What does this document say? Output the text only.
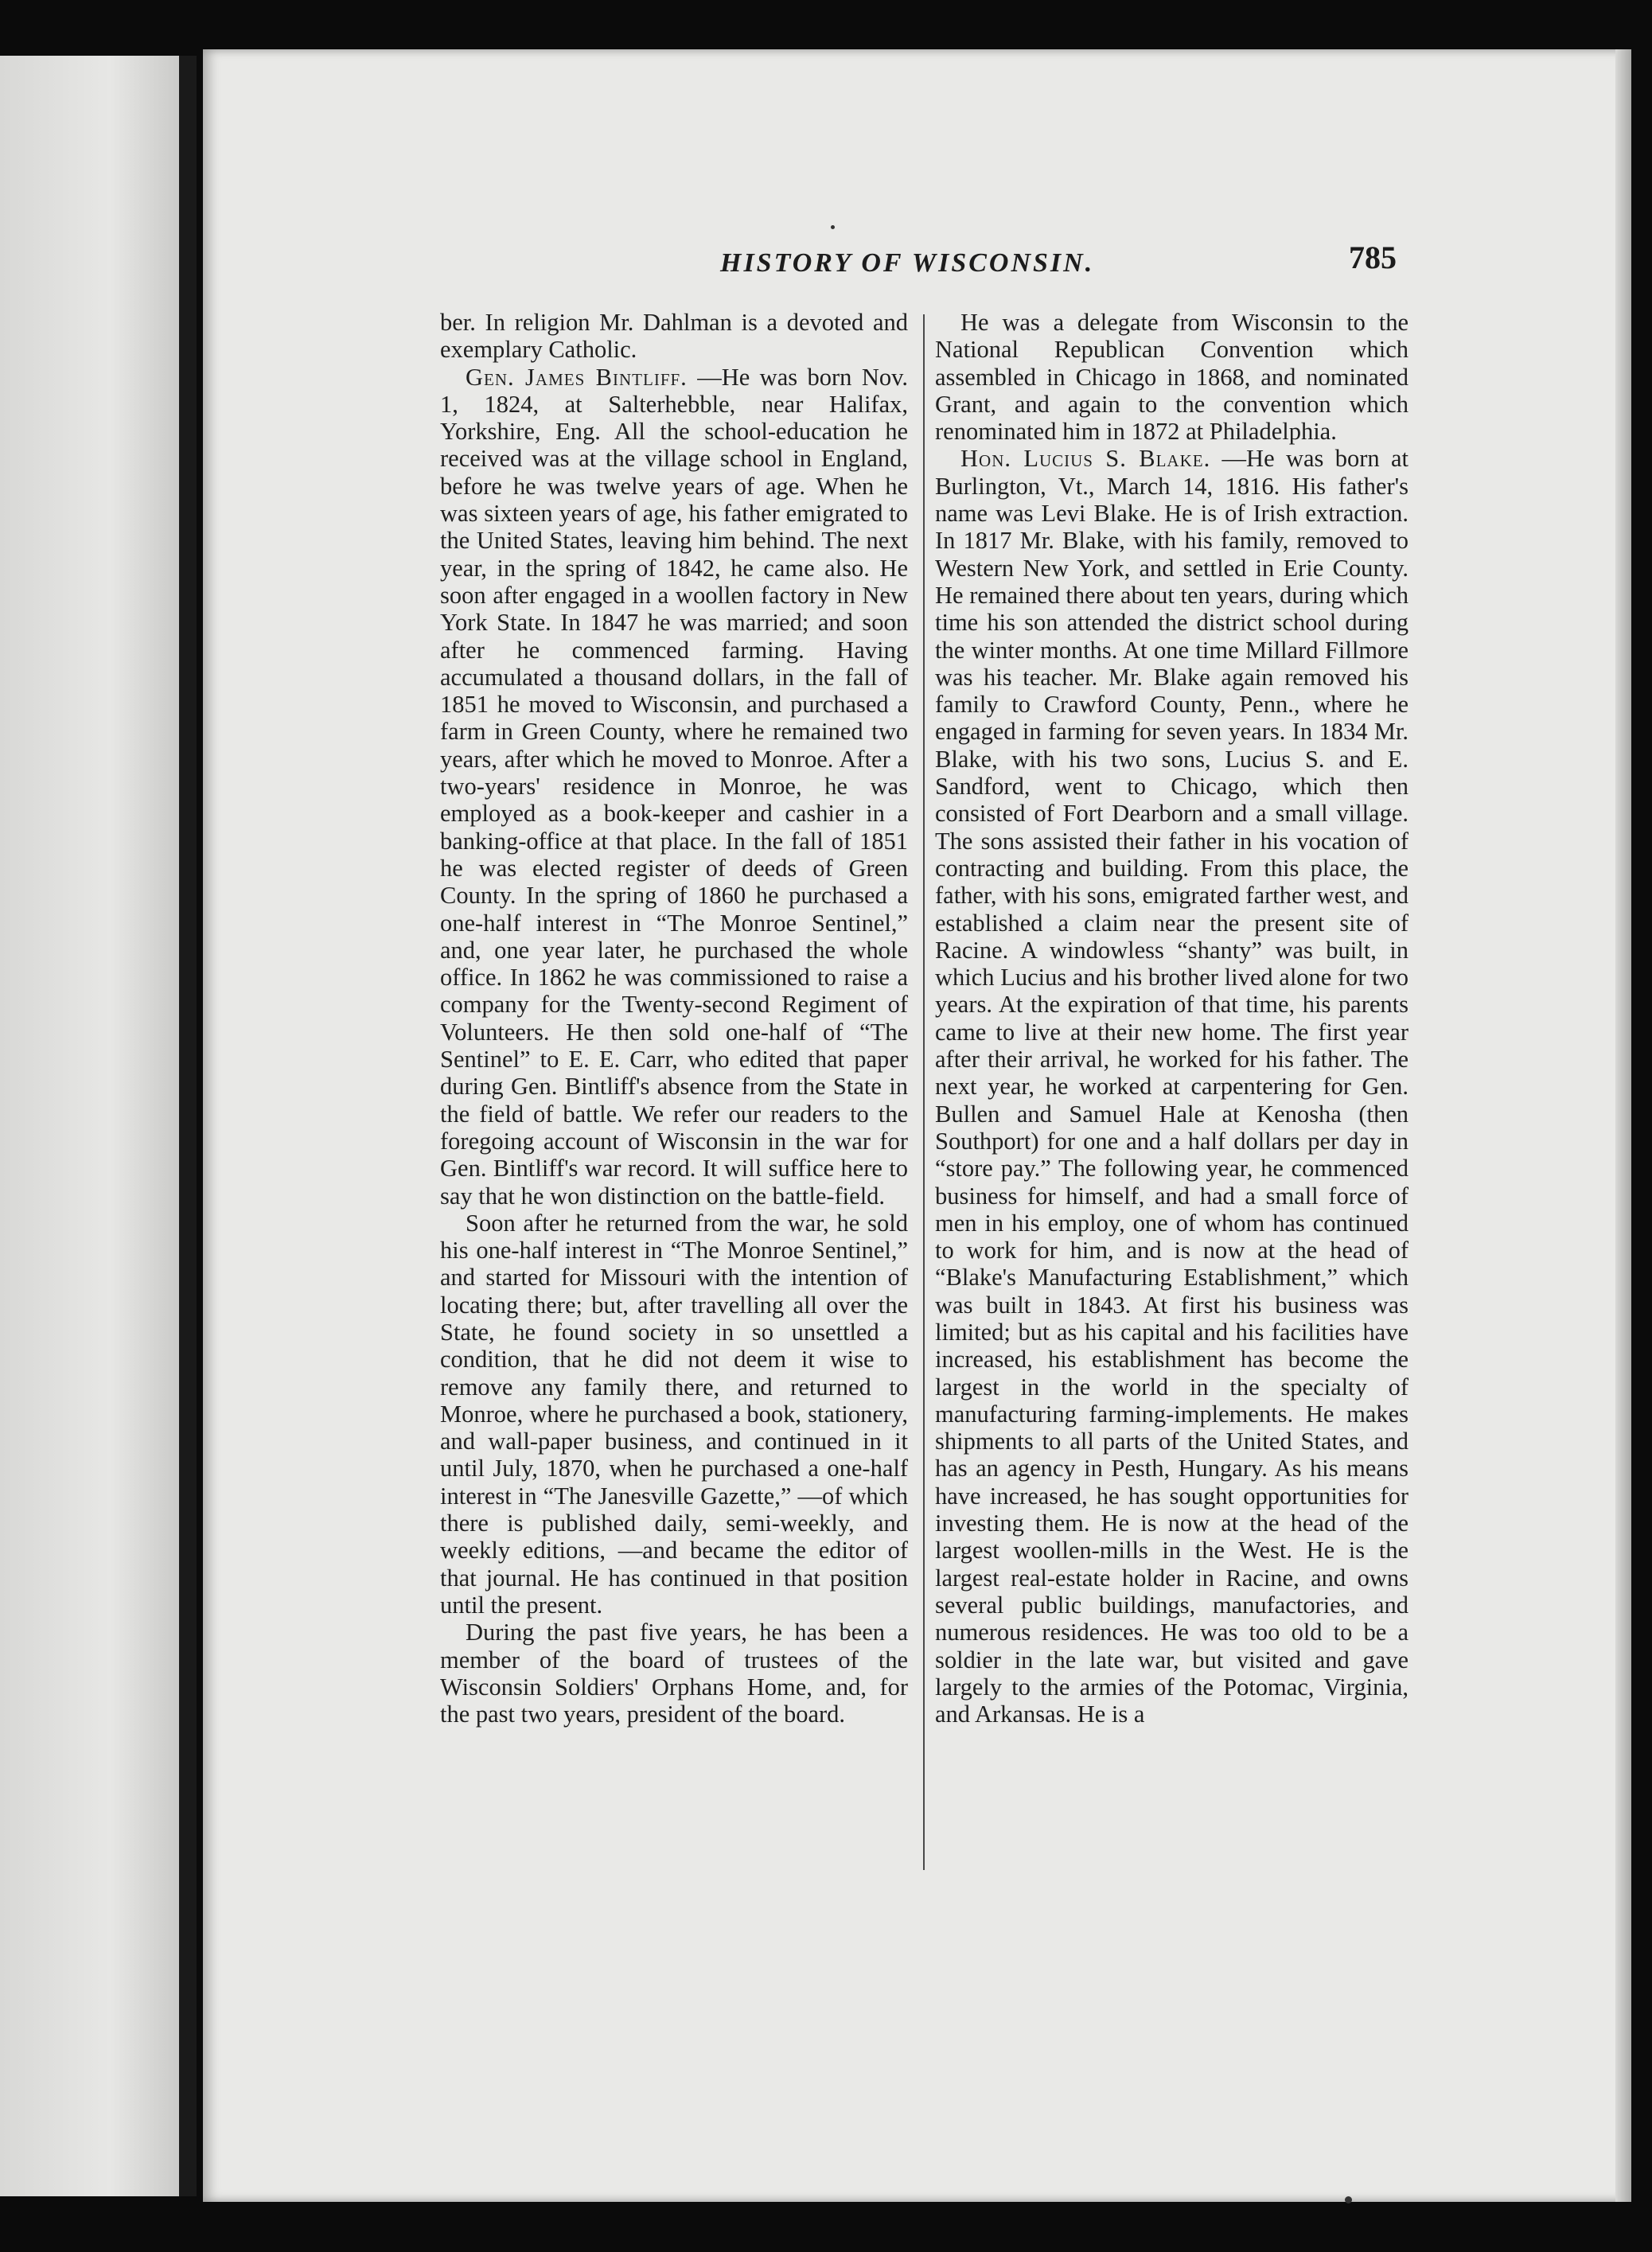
HISTORY OF WISCONSIN.	785

ber. In religion Mr. Dahlman is a devoted and exemplary Catholic.

Gen. James Bintliff. —He was born Nov. 1, 1824, at Salterhebble, near Halifax, Yorkshire, Eng. All the school-education he received was at the village school in England, before he was twelve years of age. When he was sixteen years of age, his father emigrated to the United States, leaving him behind. The next year, in the spring of 1842, he came also. He soon after engaged in a woollen factory in New York State. In 1847 he was married; and soon after he commenced farming. Having accumulated a thousand dollars, in the fall of 1851 he moved to Wisconsin, and purchased a farm in Green County, where he remained two years, after which he moved to Monroe. After a two-years' residence in Monroe, he was employed as a book-keeper and cashier in a banking-office at that place. In the fall of 1851 he was elected register of deeds of Green County. In the spring of 1860 he purchased a one-half interest in “The Monroe Sentinel,” and, one year later, he purchased the whole office. In 1862 he was commissioned to raise a company for the Twenty-second Regiment of Volunteers. He then sold one-half of “The Sentinel” to E. E. Carr, who edited that paper during Gen. Bintliff's absence from the State in the field of battle. We refer our readers to the foregoing account of Wisconsin in the war for Gen. Bintliff's war record. It will suffice here to say that he won distinction on the battle-field.

Soon after he returned from the war, he sold his one-half interest in “The Monroe Sentinel,” and started for Missouri with the intention of locating there; but, after travelling all over the State, he found society in so unsettled a condition, that he did not deem it wise to remove any family there, and returned to Monroe, where he purchased a book, stationery, and wall-paper business, and continued in it until July, 1870, when he purchased a one-half interest in “The Janesville Gazette,” —of which there is published daily, semi-weekly, and weekly editions, —and became the editor of that journal. He has continued in that position until the present.

During the past five years, he has been a member of the board of trustees of the Wisconsin Soldiers' Orphans Home, and, for the past two years, president of the board.

He was a delegate from Wisconsin to the National Republican Convention which assembled in Chicago in 1868, and nominated Grant, and again to the convention which renominated him in 1872 at Philadelphia.

Hon. Lucius S. Blake. —He was born at Burlington, Vt., March 14, 1816. His father's name was Levi Blake. He is of Irish extraction. In 1817 Mr. Blake, with his family, removed to Western New York, and settled in Erie County. He remained there about ten years, during which time his son attended the district school during the winter months. At one time Millard Fillmore was his teacher. Mr. Blake again removed his family to Crawford County, Penn., where he engaged in farming for seven years. In 1834 Mr. Blake, with his two sons, Lucius S. and E. Sandford, went to Chicago, which then consisted of Fort Dearborn and a small village. The sons assisted their father in his vocation of contracting and building. From this place, the father, with his sons, emigrated farther west, and established a claim near the present site of Racine. A windowless “shanty” was built, in which Lucius and his brother lived alone for two years. At the expiration of that time, his parents came to live at their new home. The first year after their arrival, he worked for his father. The next year, he worked at carpentering for Gen. Bullen and Samuel Hale at Kenosha (then Southport) for one and a half dollars per day in “store pay.” The following year, he commenced business for himself, and had a small force of men in his employ, one of whom has continued to work for him, and is now at the head of “Blake's Manufacturing Establishment,” which was built in 1843. At first his business was limited; but as his capital and his facilities have increased, his establishment has become the largest in the world in the specialty of manufacturing farming-implements. He makes shipments to all parts of the United States, and has an agency in Pesth, Hungary. As his means have increased, he has sought opportunities for investing them. He is now at the head of the largest woollen-mills in the West. He is the largest real-estate holder in Racine, and owns several public buildings, manufactories, and numerous residences. He was too old to be a soldier in the late war, but visited and gave largely to the armies of the Potomac, Virginia, and Arkansas. He is a
